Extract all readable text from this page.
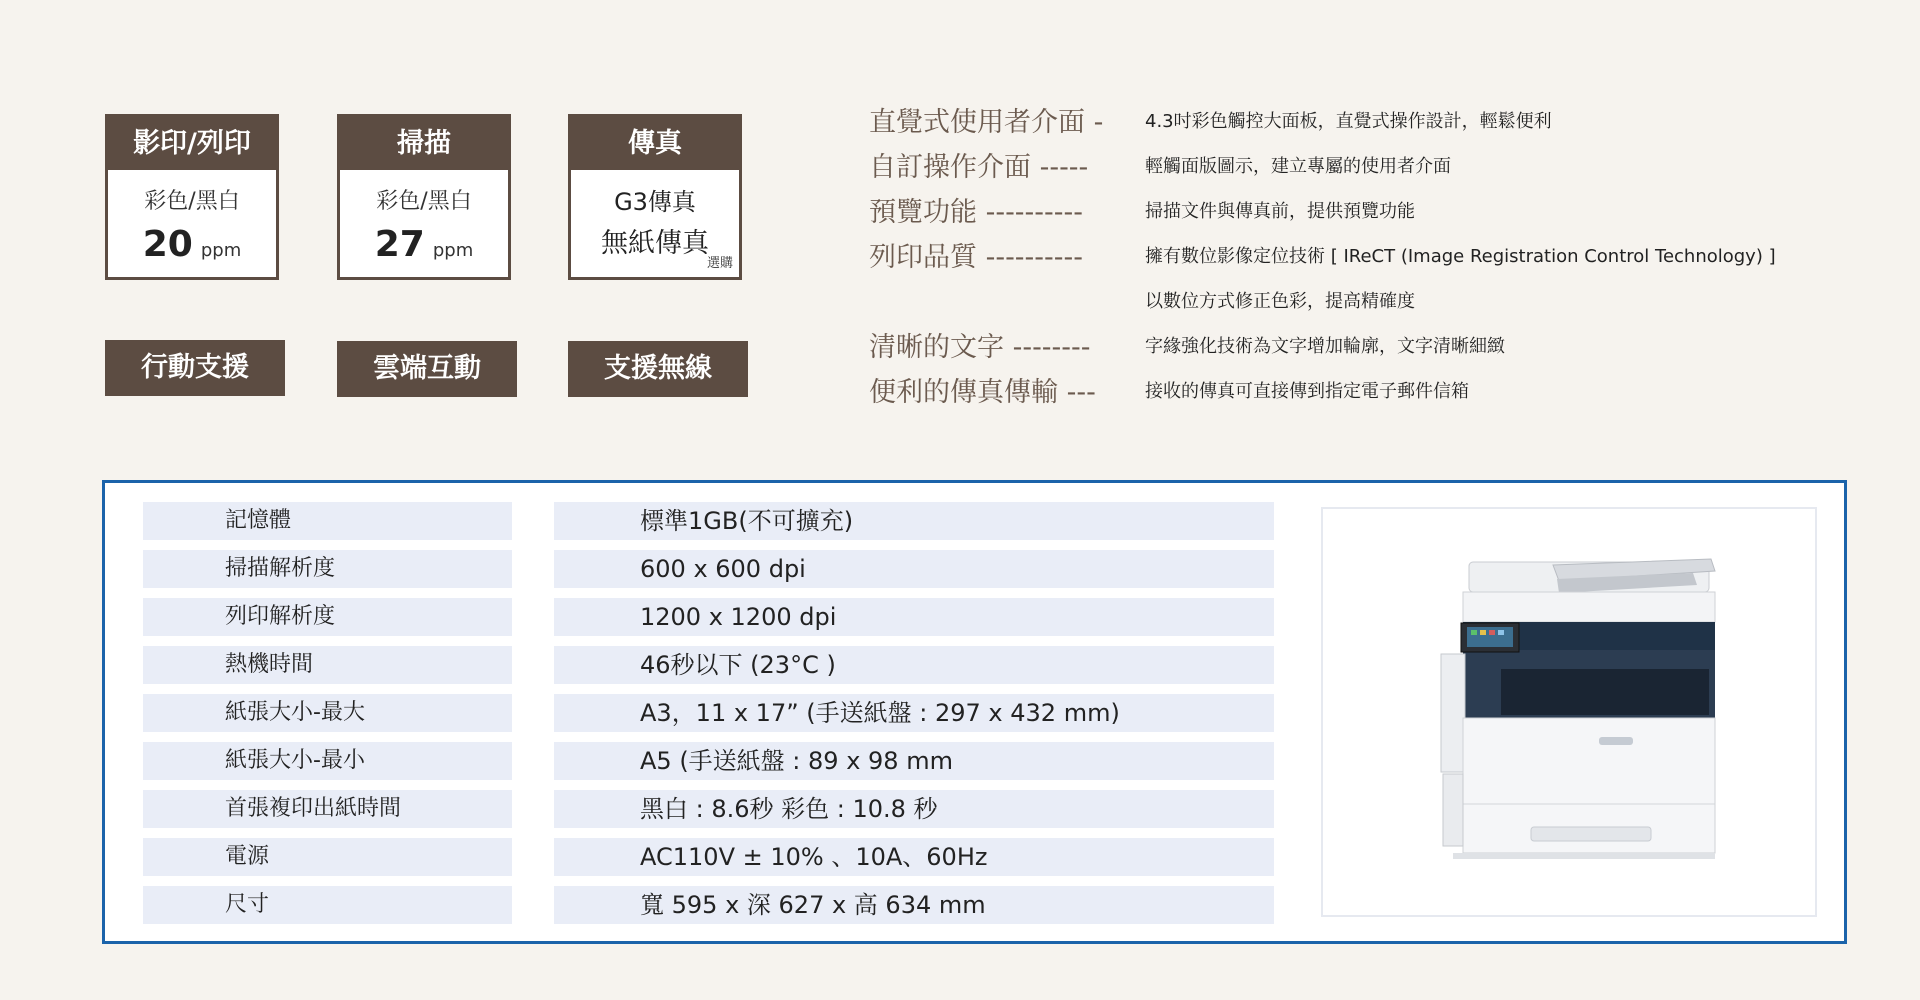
影印/列印
彩色/黑白
20 ppm
掃描
彩色/黑白
27 ppm
傳真
G3傳真
無紙傳真
選購
行動支援	雲端互動	支援無線
直覺式使用者介面 - 4.3吋彩色觸控大面板，直覺式操作設計，輕鬆便利
自訂操作介面 -----	輕觸面版圖示，建立專屬的使用者介面
預覽功能 ----------	掃描文件與傳真前，提供預覽功能
列印品質 ----------	擁有數位影像定位技術 [ IReCT (Image Registration Control Technology) ]
以數位方式修正色彩，提高精確度
清晰的文字 --------	字緣強化技術為文字增加輪廓，文字清晰細緻
便利的傳真傳輸 ---	接收的傳真可直接傳到指定電子郵件信箱
記憶體	標準1GB(不可擴充)
掃描解析度	600 x 600 dpi
列印解析度	1200 x 1200 dpi
熱機時間	46秒以下 (23°C )
紙張大小-最大	A3，11 x 17” (手送紙盤 : 297 x 432 mm)
紙張大小-最小	A5 (手送紙盤 : 89 x 98 mm
首張複印出紙時間	黑白 : 8.6秒 彩色 : 10.8 秒
電源	AC110V ± 10% 、10A、60Hz
尺寸	寬 595 x 深 627 x 高 634 mm
